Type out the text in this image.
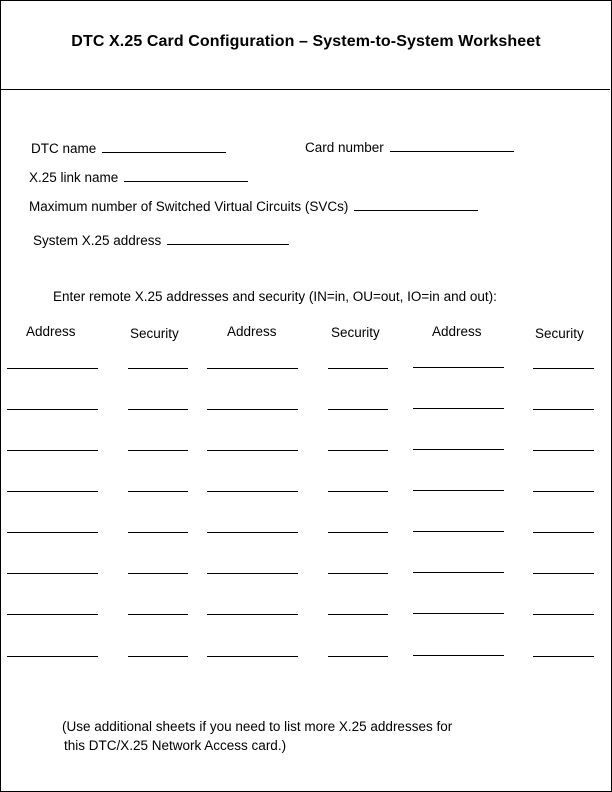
DTC X.25 Card Configuration – System-to-System Worksheet
DTC name	Card number
X.25 link name
Maximum number of Switched Virtual Circuits (SVCs)
System X.25 address
Enter remote X.25 addresses and security (IN=in, OU=out, IO=in and out):
Address	Security	Address	Security	Address	Security
(Use additional sheets if you need to list more X.25 addresses for
this DTC/X.25 Network Access card.)
